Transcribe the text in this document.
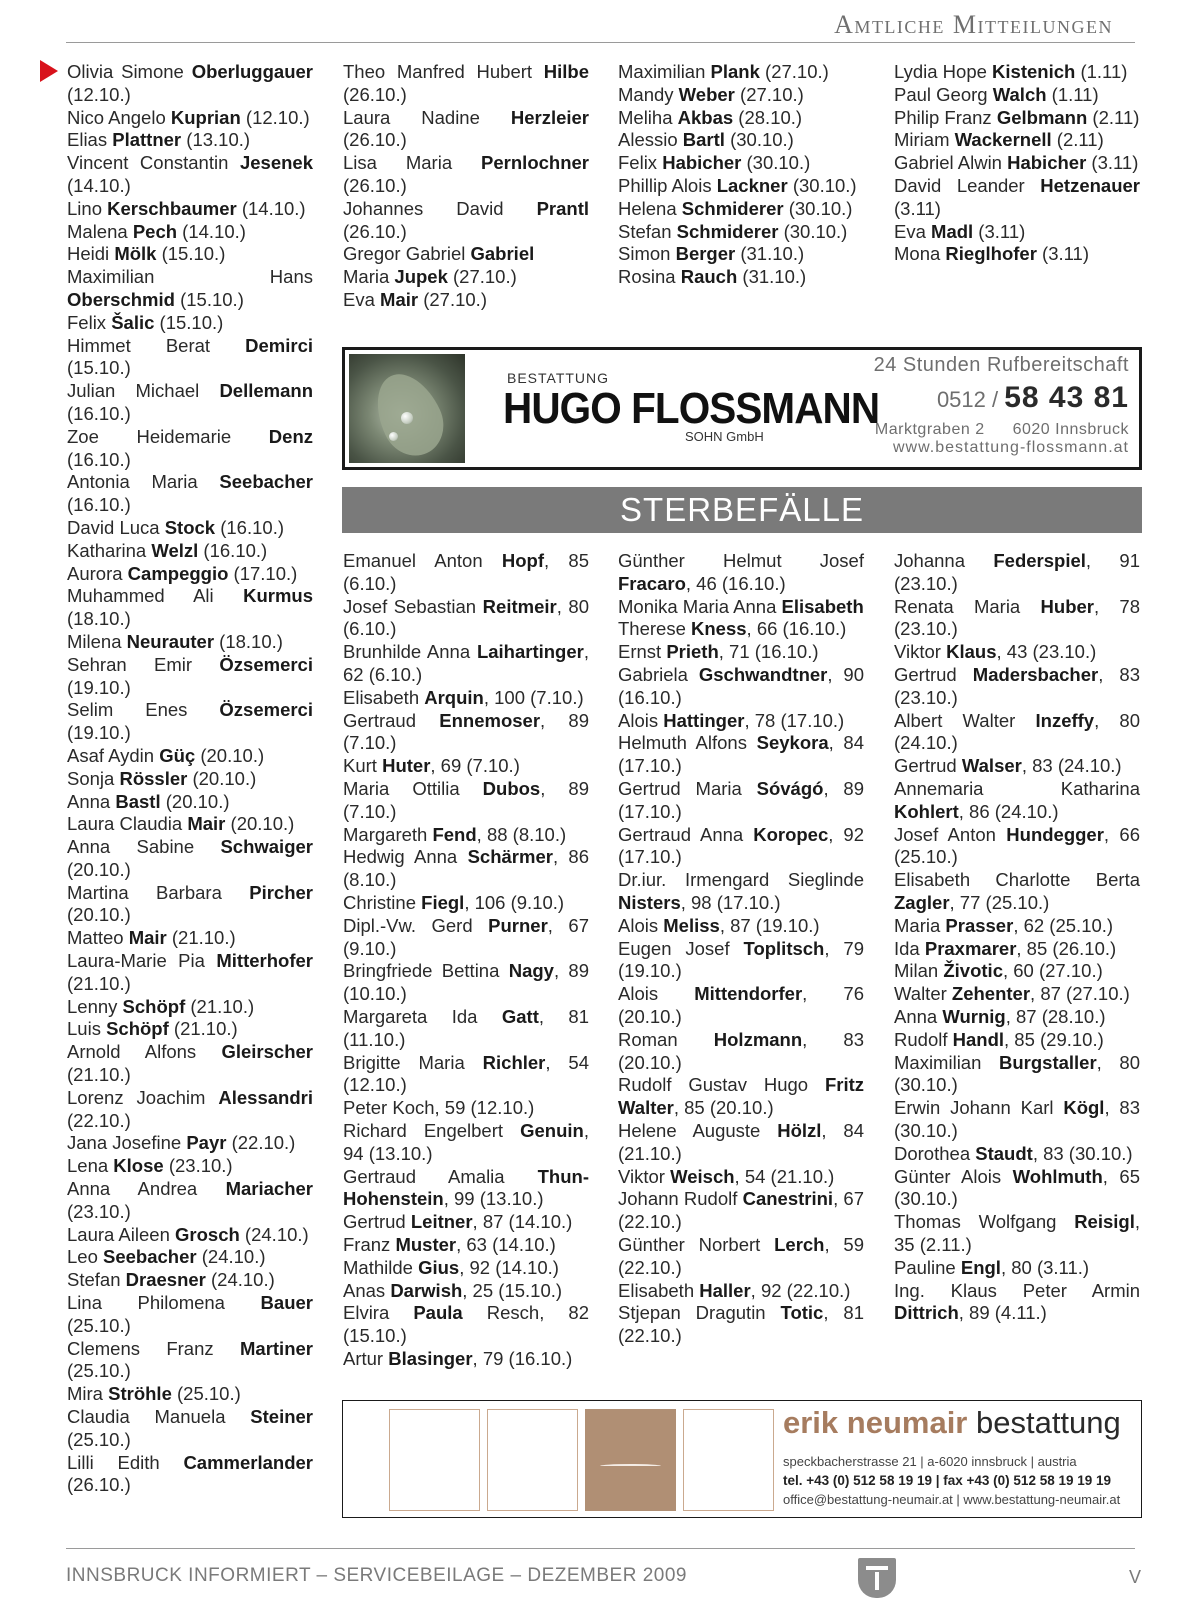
Amtliche Mitteilungen
Olivia Simone Oberluggauer (12.10.)
Nico Angelo Kuprian (12.10.)
Elias Plattner (13.10.)
Vincent Constantin Jesenek (14.10.)
Lino Kerschbaumer (14.10.)
Malena Pech (14.10.)
Heidi Mölk (15.10.)
Maximilian Hans Oberschmid (15.10.)
Felix Šalic (15.10.)
Himmet Berat Demirci (15.10.)
Julian Michael Dellemann (16.10.)
Zoe Heidemarie Denz (16.10.)
Antonia Maria Seebacher (16.10.)
David Luca Stock (16.10.)
Katharina Welzl (16.10.)
Aurora Campeggio (17.10.)
Muhammed Ali Kurmus (18.10.)
Milena Neurauter (18.10.)
Sehran Emir Özsemerci (19.10.)
Selim Enes Özsemerci (19.10.)
Asaf Aydin Güç (20.10.)
Sonja Rössler (20.10.)
Anna Bastl (20.10.)
Laura Claudia Mair (20.10.)
Anna Sabine Schwaiger (20.10.)
Martina Barbara Pircher (20.10.)
Matteo Mair (21.10.)
Laura-Marie Pia Mitterhofer (21.10.)
Lenny Schöpf (21.10.)
Luis Schöpf (21.10.)
Arnold Alfons Gleirscher (21.10.)
Lorenz Joachim Alessandri (22.10.)
Jana Josefine Payr (22.10.)
Lena Klose (23.10.)
Anna Andrea Mariacher (23.10.)
Laura Aileen Grosch (24.10.)
Leo Seebacher (24.10.)
Stefan Draesner (24.10.)
Lina Philomena Bauer (25.10.)
Clemens Franz Martiner (25.10.)
Mira Ströhle (25.10.)
Claudia Manuela Steiner (25.10.)
Lilli Edith Cammerlander (26.10.)
Theo Manfred Hubert Hilbe (26.10.)
Laura Nadine Herzleier (26.10.)
Lisa Maria Pernlochner (26.10.)
Johannes David Prantl (26.10.)
Gregor Gabriel Gabriel
Maria Jupek (27.10.)
Eva Mair (27.10.)
Maximilian Plank (27.10.)
Mandy Weber (27.10.)
Meliha Akbas (28.10.)
Alessio Bartl (30.10.)
Felix Habicher (30.10.)
Phillip Alois Lackner (30.10.)
Helena Schmiderer (30.10.)
Stefan Schmiderer (30.10.)
Simon Berger (31.10.)
Rosina Rauch (31.10.)
Lydia Hope Kistenich (1.11)
Paul Georg Walch (1.11)
Philip Franz Gelbmann (2.11)
Miriam Wackernell (2.11)
Gabriel Alwin Habicher (3.11)
David Leander Hetzenauer (3.11)
Eva Madl (3.11)
Mona Rieglhofer (3.11)
BESTATTUNG
HUGO FLOSSMANN
SOHN GmbH
24 Stunden Rufbereitschaft
0512 / 58 43 81
Marktgraben 2 6020 Innsbruck
www.bestattung-flossmann.at
STERBEFÄLLE
Emanuel Anton Hopf, 85 (6.10.)
Josef Sebastian Reitmeir, 80 (6.10.)
Brunhilde Anna Laihartinger, 62 (6.10.)
Elisabeth Arquin, 100 (7.10.)
Gertraud Ennemoser, 89 (7.10.)
Kurt Huter, 69 (7.10.)
Maria Ottilia Dubos, 89 (7.10.)
Margareth Fend, 88 (8.10.)
Hedwig Anna Schärmer, 86 (8.10.)
Christine Fiegl, 106 (9.10.)
Dipl.-Vw. Gerd Purner, 67 (9.10.)
Bringfriede Bettina Nagy, 89 (10.10.)
Margareta Ida Gatt, 81 (11.10.)
Brigitte Maria Richler, 54 (12.10.)
Peter Koch, 59 (12.10.)
Richard Engelbert Genuin, 94 (13.10.)
Gertraud Amalia Thun-Hohenstein, 99 (13.10.)
Gertrud Leitner, 87 (14.10.)
Franz Muster, 63 (14.10.)
Mathilde Gius, 92 (14.10.)
Anas Darwish, 25 (15.10.)
Elvira Paula Resch, 82 (15.10.)
Artur Blasinger, 79 (16.10.)
Günther Helmut Josef Fracaro, 46 (16.10.)
Monika Maria Anna Elisabeth
Therese Kness, 66 (16.10.)
Ernst Prieth, 71 (16.10.)
Gabriela Gschwandtner, 90 (16.10.)
Alois Hattinger, 78 (17.10.)
Helmuth Alfons Seykora, 84 (17.10.)
Gertrud Maria Sóvágó, 89 (17.10.)
Gertraud Anna Koropec, 92 (17.10.)
Dr.iur. Irmengard Sieglinde Nisters, 98 (17.10.)
Alois Meliss, 87 (19.10.)
Eugen Josef Toplitsch, 79 (19.10.)
Alois Mittendorfer, 76 (20.10.)
Roman Holzmann, 83 (20.10.)
Rudolf Gustav Hugo Fritz Walter, 85 (20.10.)
Helene Auguste Hölzl, 84 (21.10.)
Viktor Weisch, 54 (21.10.)
Johann Rudolf Canestrini, 67 (22.10.)
Günther Norbert Lerch, 59 (22.10.)
Elisabeth Haller, 92 (22.10.)
Stjepan Dragutin Totic, 81 (22.10.)
Johanna Federspiel, 91 (23.10.)
Renata Maria Huber, 78 (23.10.)
Viktor Klaus, 43 (23.10.)
Gertrud Madersbacher, 83 (23.10.)
Albert Walter Inzeffy, 80 (24.10.)
Gertrud Walser, 83 (24.10.)
Annemaria Katharina Kohlert, 86 (24.10.)
Josef Anton Hundegger, 66 (25.10.)
Elisabeth Charlotte Berta Zagler, 77 (25.10.)
Maria Prasser, 62 (25.10.)
Ida Praxmarer, 85 (26.10.)
Milan Životic, 60 (27.10.)
Walter Zehenter, 87 (27.10.)
Anna Wurnig, 87 (28.10.)
Rudolf Handl, 85 (29.10.)
Maximilian Burgstaller, 80 (30.10.)
Erwin Johann Karl Kögl, 83 (30.10.)
Dorothea Staudt, 83 (30.10.)
Günter Alois Wohlmuth, 65 (30.10.)
Thomas Wolfgang Reisigl, 35 (2.11.)
Pauline Engl, 80 (3.11.)
Ing. Klaus Peter Armin Dittrich, 89 (4.11.)
erik neumair bestattung
speckbacherstrasse 21 | a-6020 innsbruck | austria
tel. +43 (0) 512 58 19 19 | fax +43 (0) 512 58 19 19 19
office@bestattung-neumair.at | www.bestattung-neumair.at
INNSBRUCK INFORMIERT – SERVICEBEILAGE – DEZEMBER 2009	V
